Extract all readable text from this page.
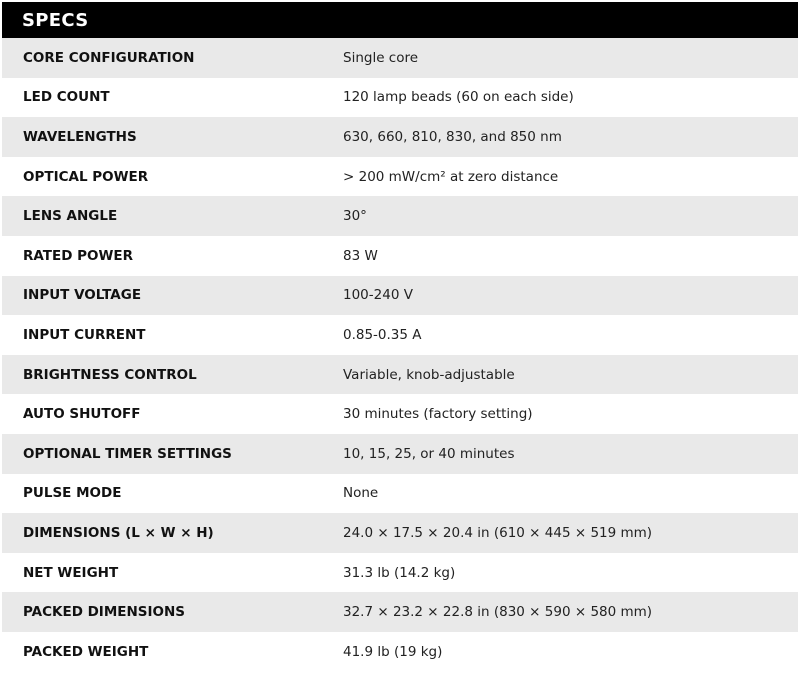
SPECS
CORE CONFIGURATION	Single core
LED COUNT	120 lamp beads (60 on each side)
WAVELENGTHS	630, 660, 810, 830, and 850 nm
OPTICAL POWER	> 200 mW/cm² at zero distance
LENS ANGLE	30°
RATED POWER	83 W
INPUT VOLTAGE	100-240 V
INPUT CURRENT	0.85-0.35 A
BRIGHTNESS CONTROL	Variable, knob-adjustable
AUTO SHUTOFF	30 minutes (factory setting)
OPTIONAL TIMER SETTINGS	10, 15, 25, or 40 minutes
PULSE MODE	None
DIMENSIONS (L × W × H)	24.0 × 17.5 × 20.4 in (610 × 445 × 519 mm)
NET WEIGHT	31.3 lb (14.2 kg)
PACKED DIMENSIONS	32.7 × 23.2 × 22.8 in (830 × 590 × 580 mm)
PACKED WEIGHT	41.9 lb (19 kg)
